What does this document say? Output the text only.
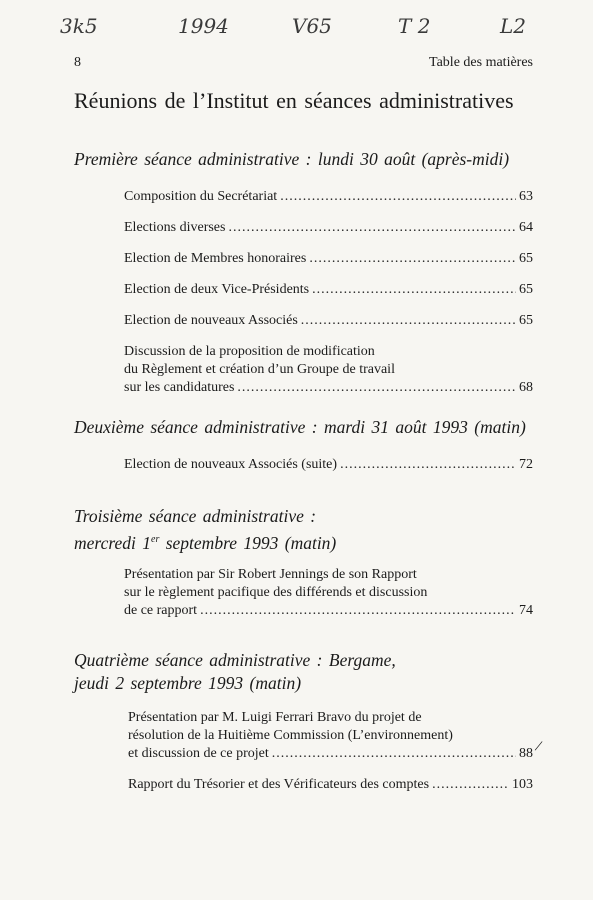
3k5	1994	V65	T 2	L2
8	Table des matières
Réunions de l’Institut en séances administratives
Première séance administrative : lundi 30 août (après-midi)
Composition du Secrétariat .....	63
Elections diverses .....	64
Election de Membres honoraires .....	65
Election de deux Vice-Présidents .....	65
Election de nouveaux Associés .....	65
Discussion de la proposition de modification
du Règlement et création d’un Groupe de travail
sur les candidatures .....	68
Deuxième séance administrative : mardi 31 août 1993 (matin)
Election de nouveaux Associés (suite) .....	72
Troisième séance administrative :
mercredi 1er septembre 1993 (matin)
Présentation par Sir Robert Jennings de son Rapport
sur le règlement pacifique des différends et discussion
de ce rapport .....	74
Quatrième séance administrative : Bergame,
jeudi 2 septembre 1993 (matin)
Présentation par M. Luigi Ferrari Bravo du projet de
résolution de la Huitième Commission (L’environnement)
et discussion de ce projet .....	88 /
Rapport du Trésorier et des Vérificateurs des comptes .....	103
